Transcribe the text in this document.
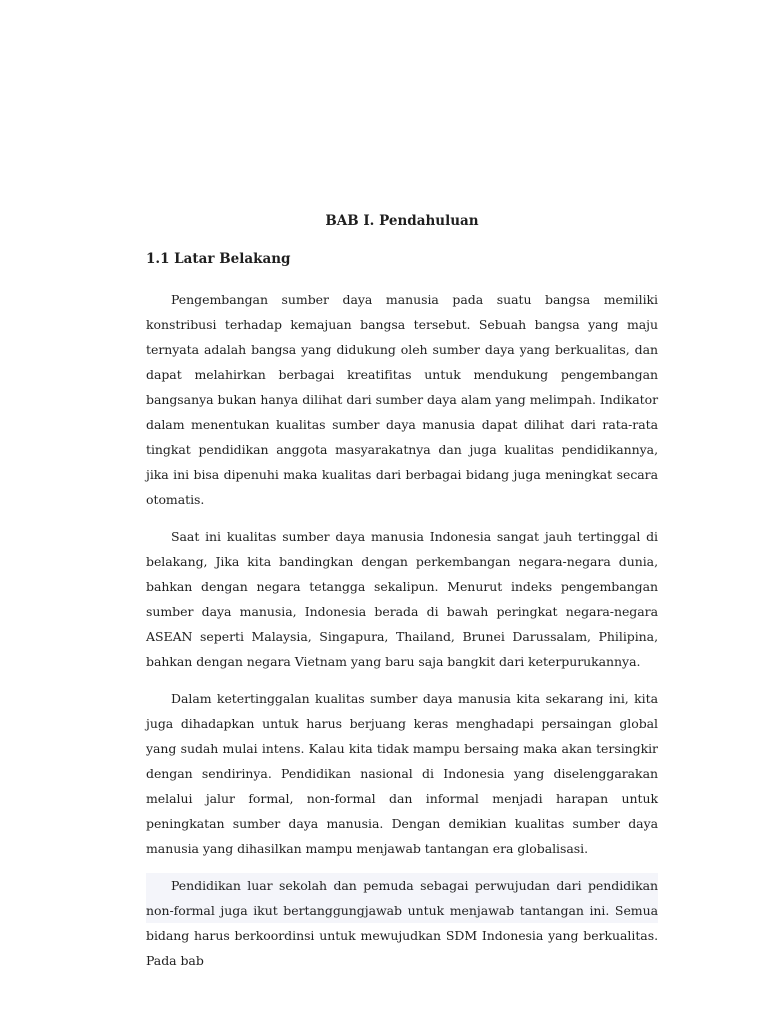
BAB I. Pendahuluan
1.1 Latar Belakang

Pengembangan sumber daya manusia pada suatu bangsa memiliki konstribusi terhadap kemajuan bangsa tersebut. Sebuah bangsa yang maju ternyata adalah bangsa yang didukung oleh sumber daya yang berkualitas, dan dapat melahirkan berbagai kreatifitas untuk mendukung pengembangan bangsanya bukan hanya dilihat dari sumber daya alam yang melimpah. Indikator dalam menentukan kualitas sumber daya manusia dapat dilihat dari rata-rata tingkat pendidikan anggota masyarakatnya dan juga kualitas pendidikannya, jika ini bisa dipenuhi maka kualitas dari berbagai bidang juga meningkat secara otomatis.

Saat ini kualitas sumber daya manusia Indonesia sangat jauh tertinggal di belakang, Jika kita bandingkan dengan perkembangan negara-negara dunia, bahkan dengan negara tetangga sekalipun. Menurut indeks pengembangan sumber daya manusia, Indonesia berada di bawah peringkat negara-negara ASEAN seperti Malaysia, Singapura, Thailand, Brunei Darussalam, Philipina, bahkan dengan negara Vietnam yang baru saja bangkit dari keterpurukannya.

Dalam ketertinggalan kualitas sumber daya manusia kita sekarang ini, kita juga dihadapkan untuk harus berjuang keras menghadapi persaingan global yang sudah mulai intens. Kalau kita tidak mampu bersaing maka akan tersingkir dengan sendirinya. Pendidikan nasional di Indonesia yang diselenggarakan melalui jalur formal, non-formal dan informal menjadi harapan untuk peningkatan sumber daya manusia. Dengan demikian kualitas sumber daya manusia yang dihasilkan mampu menjawab tantangan era globalisasi.

Pendidikan luar sekolah dan pemuda sebagai perwujudan dari pendidikan non-formal juga ikut bertanggungjawab untuk menjawab tantangan ini. Semua bidang harus berkoordinsi untuk mewujudkan SDM Indonesia yang berkualitas. Pada bab
